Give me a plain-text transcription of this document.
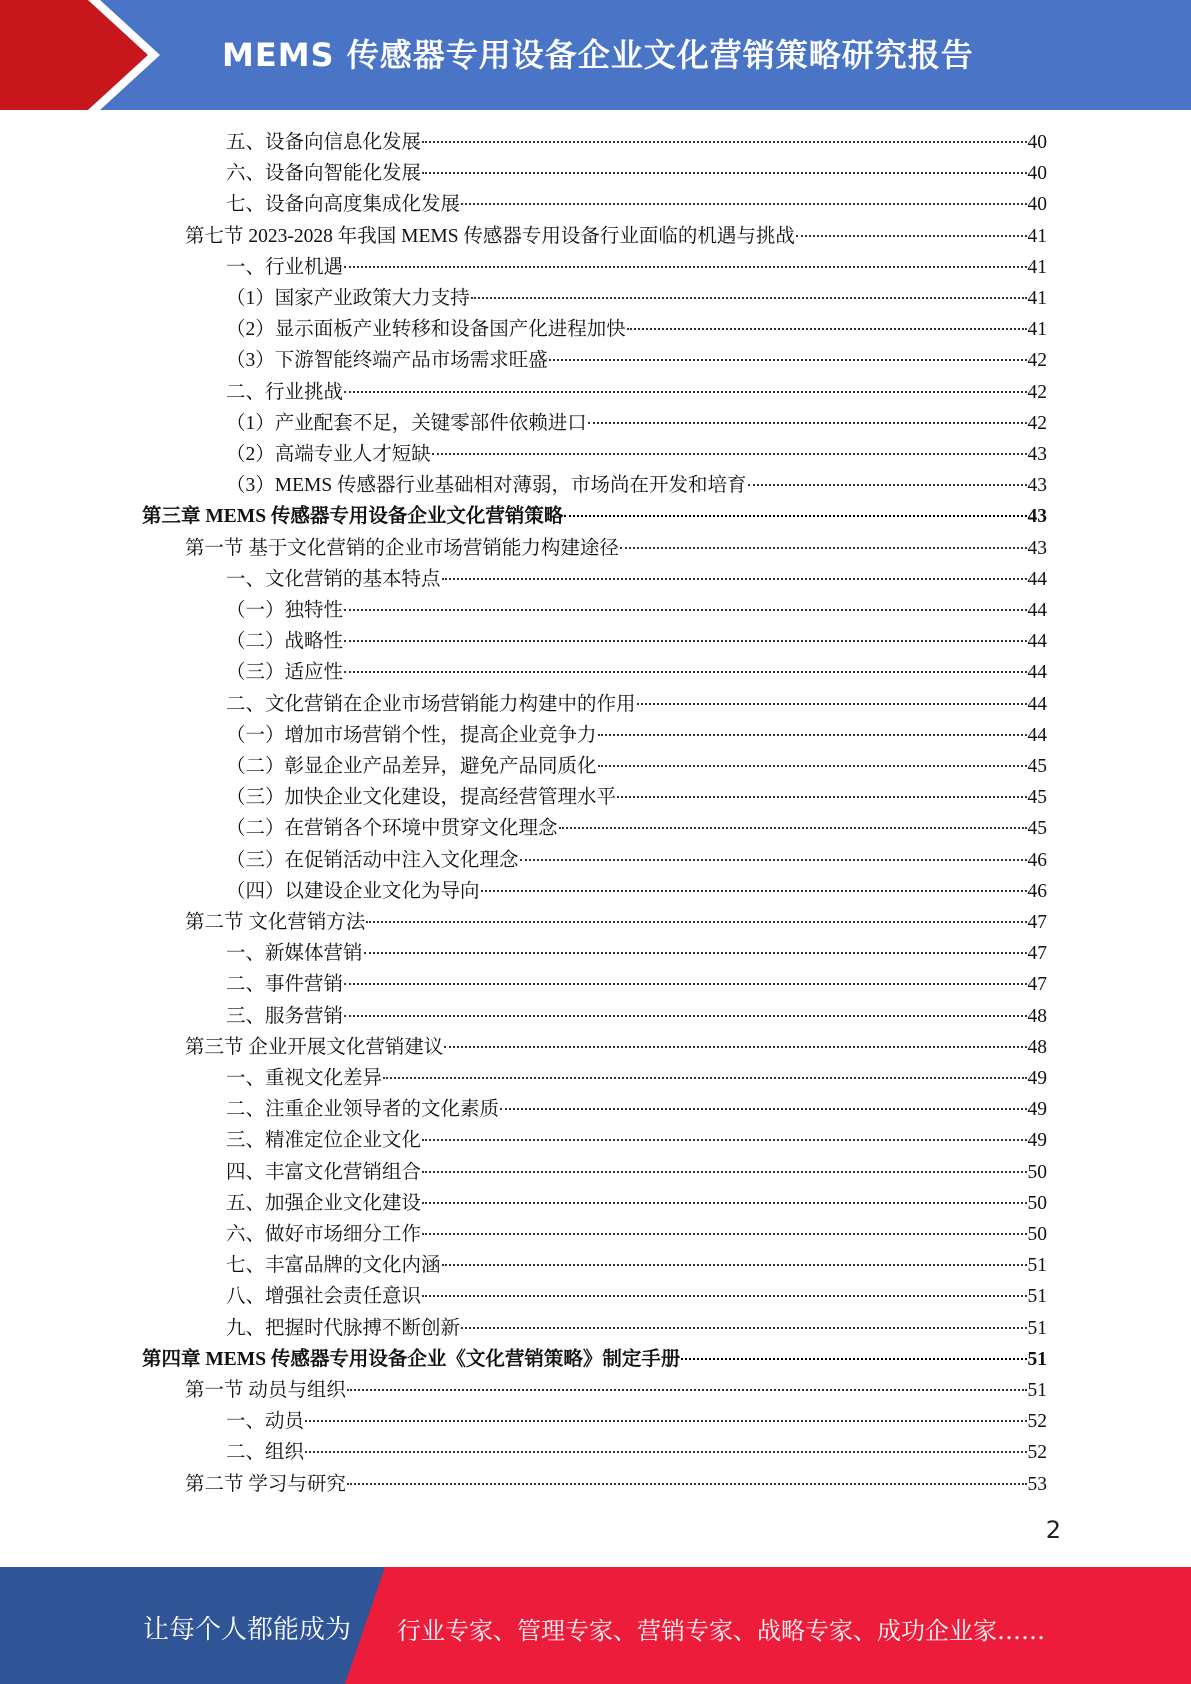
MEMS 传感器专用设备企业文化营销策略研究报告
五、设备向信息化发展	40
六、设备向智能化发展	40
七、设备向高度集成化发展	40
第七节 2023-2028 年我国 MEMS 传感器专用设备行业面临的机遇与挑战	41
一、行业机遇	41
（1）国家产业政策大力支持	41
（2）显示面板产业转移和设备国产化进程加快	41
（3）下游智能终端产品市场需求旺盛	42
二、行业挑战	42
（1）产业配套不足，关键零部件依赖进口	42
（2）高端专业人才短缺	43
（3）MEMS 传感器行业基础相对薄弱，市场尚在开发和培育	43
第三章 MEMS 传感器专用设备企业文化营销策略	43
第一节 基于文化营销的企业市场营销能力构建途径	43
一、文化营销的基本特点	44
（一）独特性	44
（二）战略性	44
（三）适应性	44
二、文化营销在企业市场营销能力构建中的作用	44
（一）增加市场营销个性，提高企业竞争力	44
（二）彰显企业产品差异，避免产品同质化	45
（三）加快企业文化建设，提高经营管理水平	45
（二）在营销各个环境中贯穿文化理念	45
（三）在促销活动中注入文化理念	46
（四）以建设企业文化为导向	46
第二节 文化营销方法	47
一、新媒体营销	47
二、事件营销	47
三、服务营销	48
第三节 企业开展文化营销建议	48
一、重视文化差异	49
二、注重企业领导者的文化素质	49
三、精准定位企业文化	49
四、丰富文化营销组合	50
五、加强企业文化建设	50
六、做好市场细分工作	50
七、丰富品牌的文化内涵	51
八、增强社会责任意识	51
九、把握时代脉搏不断创新	51
第四章 MEMS 传感器专用设备企业《文化营销策略》制定手册	51
第一节 动员与组织	51
一、动员	52
二、组织	52
第二节 学习与研究	53
2
让每个人都能成为 行业专家、管理专家、营销专家、战略专家、成功企业家……
